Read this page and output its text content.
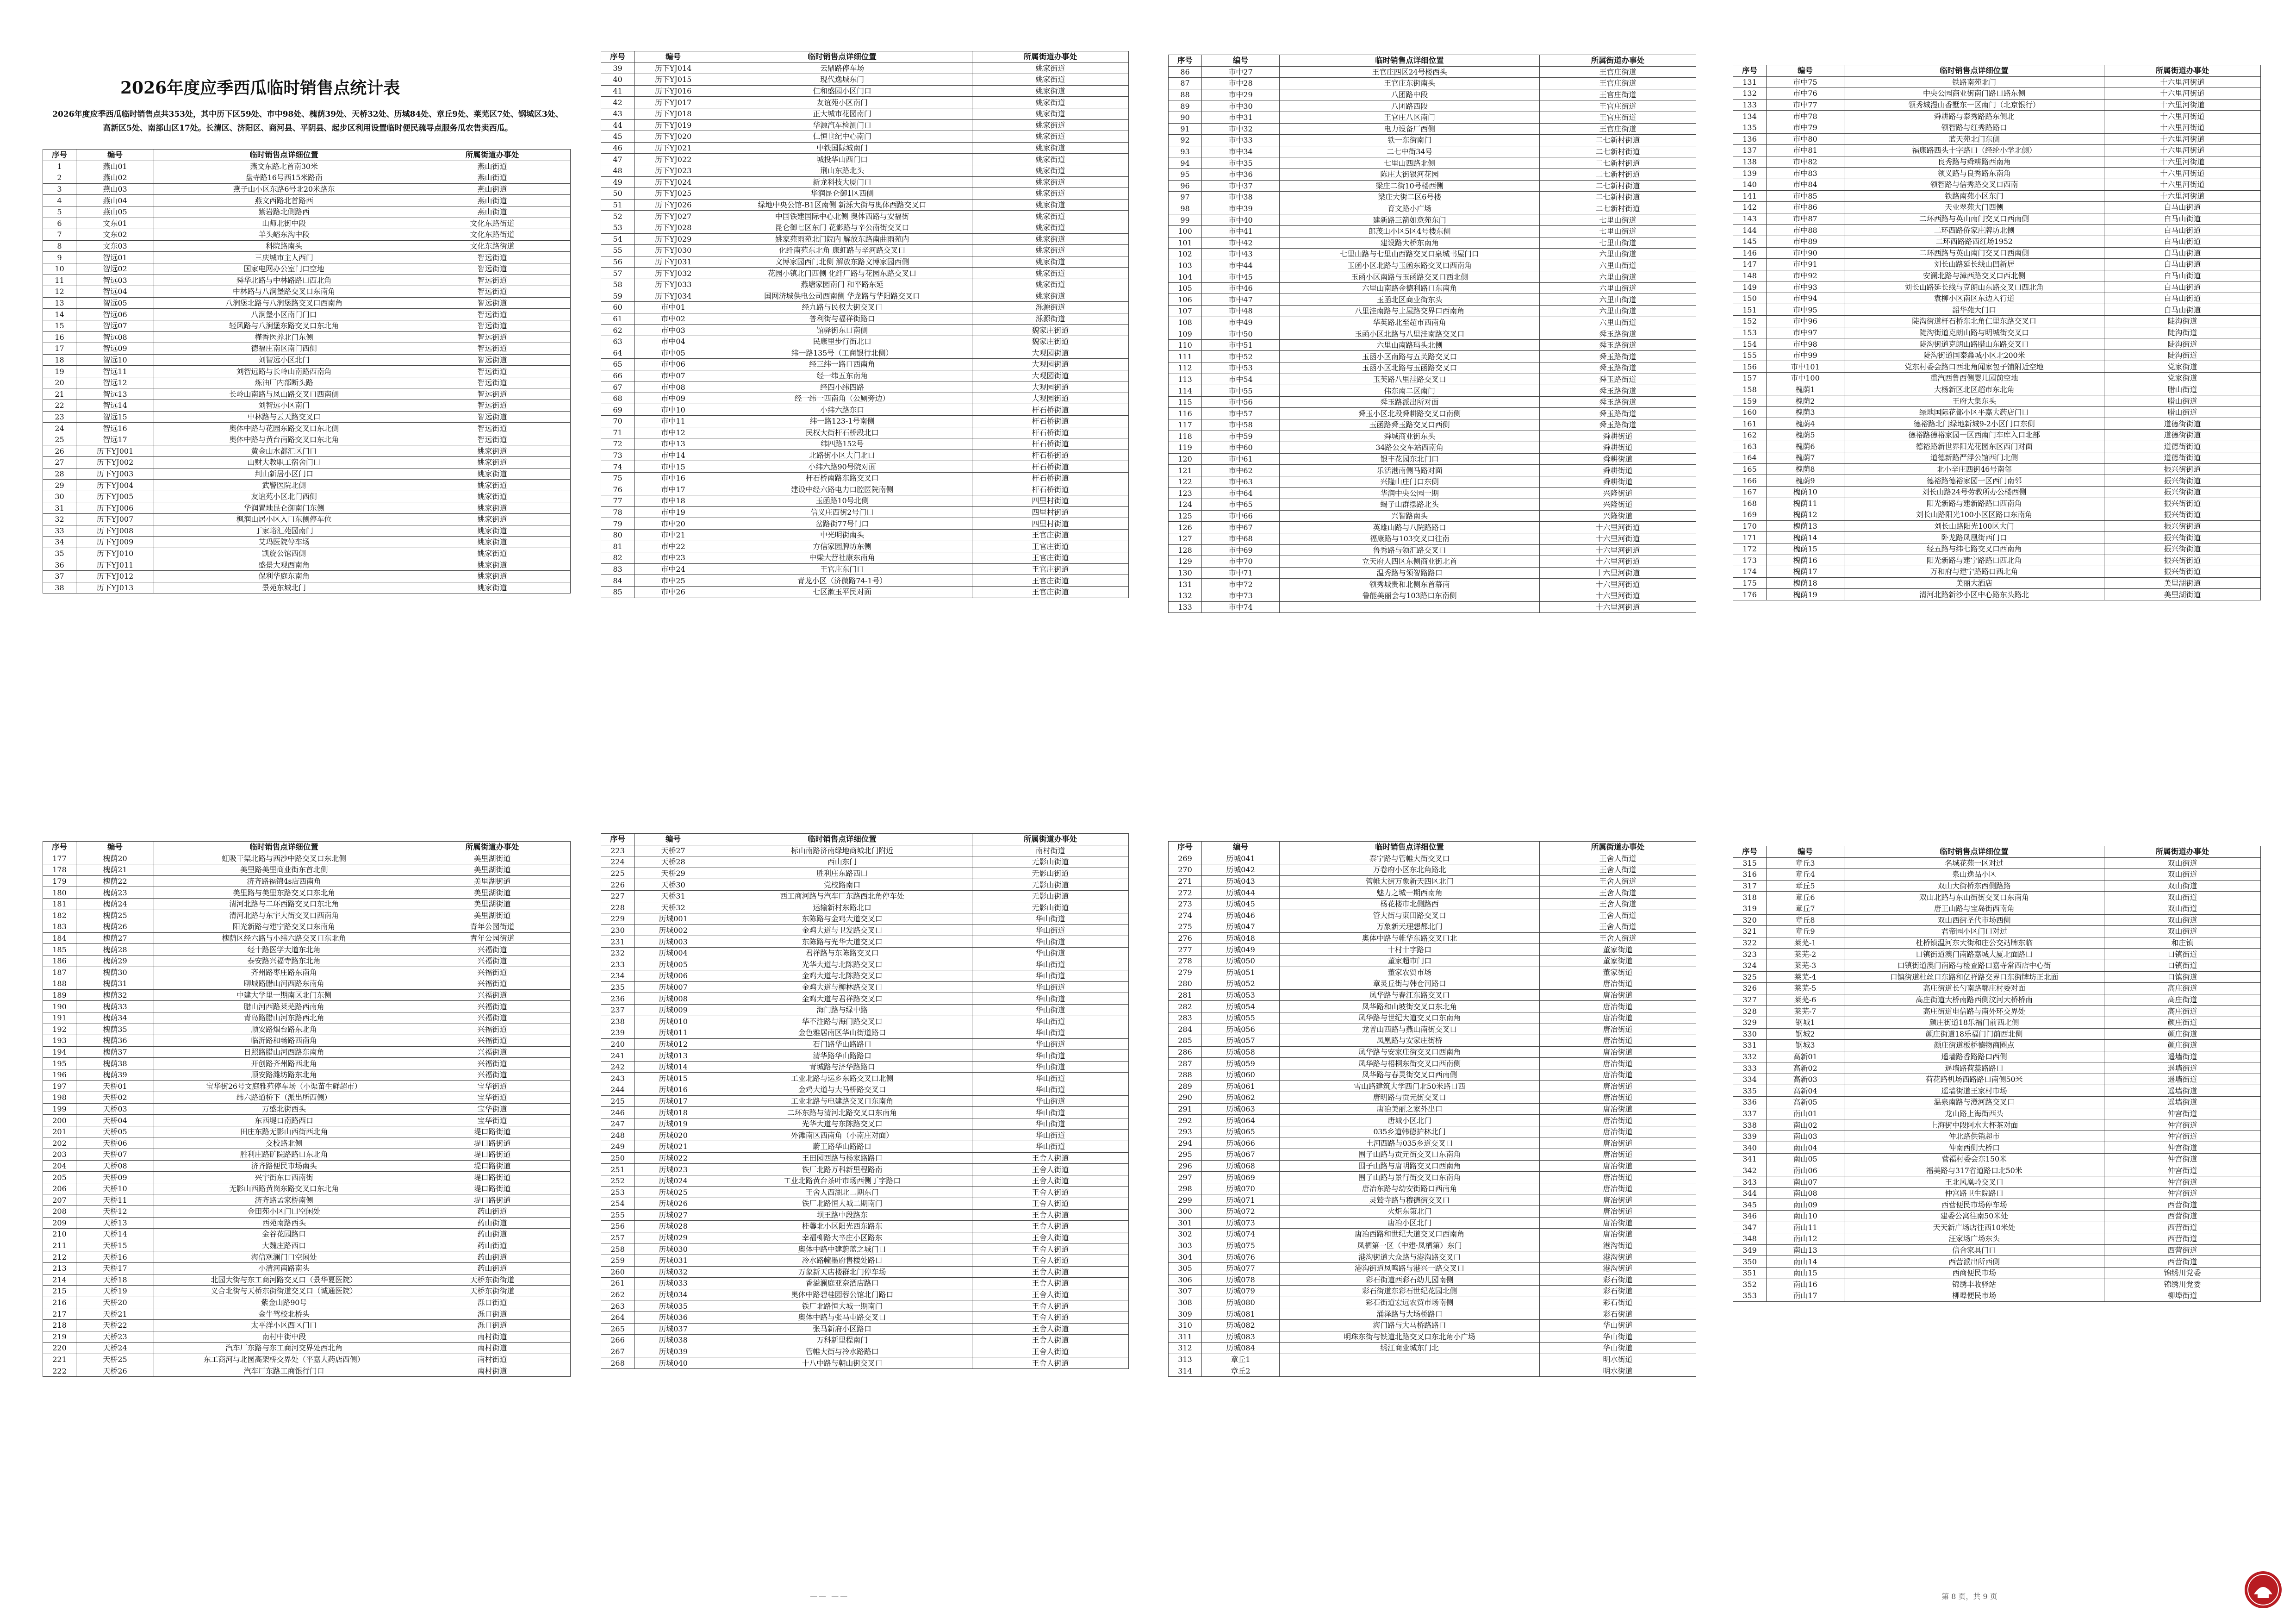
2026年度应季西瓜临时销售点统计表
2026年度应季西瓜临时销售点共353处，其中历下区59处、市中98处、槐荫39处、天桥32处、历城84处、章丘9处、莱芜区7处、钢城区3处、高新区5处、南部山区17处。长清区、济阳区、商河县、平阴县、起步区利用设置临时便民疏导点服务瓜农售卖西瓜。
序号	编号	临时销售点详细位置	所属街道办事处
1	燕山01	燕文东路北首南30米	燕山街道
2	燕山02	盘寺路16号西15米路南	燕山街道
3	燕山03	燕子山小区东路6号北20米路东	燕山街道
4	燕山04	燕文西路北首路西	燕山街道
5	燕山05	紫岩路北侧路西	燕山街道
6	文东01	山师北街中段	文化东路街道
7	文东02	羊头峪东沟中段	文化东路街道
8	文东03	科院路南头	文化东路街道
9	智远01	三庆城市主人西门	智远街道
10	智远02	国家电网办公室门口空地	智远街道
11	智远03	舜华北路与中林路路口西北角	智远街道
12	智远04	中林路与八涧堡路交叉口东南角	智远街道
13	智远05	八涧堡北路与八涧堡路交叉口西南角	智远街道
14	智远06	八涧堡小区南门门口	智远街道
15	智远07	轻风路与八涧堡东路交叉口东北角	智远街道
16	智远08	槿香医养北门东侧	智远街道
17	智远09	德福庄南区南门西侧	智远街道
18	智远10	刘智远小区北门	智远街道
19	智远11	刘智远路与长岭山南路西南角	智远街道
20	智远12	炼油厂内部断头路	智远街道
21	智远13	长岭山南路与凤山路交叉口西南侧	智远街道
22	智远14	刘智远小区南门	智远街道
23	智远15	中林路与云天路交叉口	智远街道
24	智远16	奥体中路与花园东路交叉口东北侧	智远街道
25	智远17	奥体中路与黄台南路交叉口东北角	智远街道
26	历下YJ001	黄金山水都汇区门口	姚家街道
27	历下YJ002	山财大教职工宿舍门口	姚家街道
28	历下YJ003	荆山新居小区门口	姚家街道
29	历下YJ004	武警医院北侧	姚家街道
30	历下YJ005	友谊苑小区北门西侧	姚家街道
31	历下YJ006	华润置地昆仑御南门东侧	姚家街道
32	历下YJ007	枫润山居小区入口东侧停车位	姚家街道
33	历下YJ008	丁家峪汇苑园南门	姚家街道
34	历下YJ009	艾玛医院停车场	姚家街道
35	历下YJ010	凯旋公馆西侧	姚家街道
36	历下YJ011	盛景大观西南角	姚家街道
37	历下YJ012	保利华庭东南角	姚家街道
38	历下YJ013	景苑东城北门	姚家街道
序号	编号	临时销售点详细位置	所属街道办事处
39	历下YJ014	云鼎路停车场	姚家街道
40	历下YJ015	现代逸城东门	姚家街道
41	历下YJ016	仁和盛园小区门口	姚家街道
42	历下YJ017	友谊苑小区南门	姚家街道
43	历下YJ018	正大城市花园南门	姚家街道
44	历下YJ019	华源汽车检测门口	姚家街道
45	历下YJ020	仁恒世纪中心南门	姚家街道
46	历下YJ021	中铁国际城南门	姚家街道
47	历下YJ022	城投华山西门口	姚家街道
48	历下YJ023	荆山东路北头	姚家街道
49	历下YJ024	新龙科技大厦门口	姚家街道
50	历下YJ025	华润昆仑御1区西侧	姚家街道
51	历下YJ026	绿地中央公馆-B1区南侧 新泺大街与奥体西路交叉口	姚家街道
52	历下YJ027	中国铁建国际中心北侧 奥体西路与安福街	姚家街道
53	历下YJ028	昆仑御七区东门 花影路与辛公南街交叉口	姚家街道
54	历下YJ029	姚家苑雨苑北门院内 解放东路南曲雨苑内	姚家街道
55	历下YJ030	化纤南苑东北角 康虹路与辛河路交叉口	姚家街道
56	历下YJ031	文博家园西门北侧 解放东路文博家园西侧	姚家街道
57	历下YJ032	花园小镇北门西侧 化纤厂路与花园东路交叉口	姚家街道
58	历下YJ033	燕塘家园南门 和平路东延	姚家街道
59	历下YJ034	国网济城供电公司西南侧 华龙路与华阳路交叉口	姚家街道
60	市中01	经九路与民权大街交叉口	泺源街道
61	市中02	普利街与福祥街路口	泺源街道
62	市中03	馆驿街东口南侧	魏家庄街道
63	市中04	民康里步行街北口	魏家庄街道
64	市中05	纬一路135号（工商银行北侧）	大观园街道
65	市中06	经三纬一路口西南角	大观园街道
66	市中07	经一纬五东南角	大观园街道
67	市中08	经四小纬四路	大观园街道
68	市中09	经一纬一西南角（公厕旁边）	大观园街道
69	市中10	小纬六路东口	杆石桥街道
70	市中11	纬一路123-1号南侧	杆石桥街道
71	市中12	民权大街杆石桥段北口	杆石桥街道
72	市中13	纬四路152号	杆石桥街道
73	市中14	北路街小区大门北口	杆石桥街道
74	市中15	小纬六路90号院对面	杆石桥街道
75	市中16	杆石桥南路东路交叉口	杆石桥街道
76	市中17	建设中经六路电力口腔医院南侧	杆石桥街道
77	市中18	玉函路10号北侧	四里村街道
78	市中19	信义庄西街2号门口	四里村街道
79	市中20	岔路街77号门口	四里村街道
80	市中21	中光明街南头	王官庄街道
81	市中22	方信家园脾坊东侧	王官庄街道
82	市中23	中梁大营社康东南角	王官庄街道
83	市中24	王官庄东门口	王官庄街道
84	市中25	青龙小区（济微路74-1号）	王官庄街道
85	市中26	七区漱玉平民对面	王官庄街道
序号	编号	临时销售点详细位置	所属街道办事处
86	市中27	王官庄四区24号楼西头	王官庄街道
87	市中28	王官庄东街南头	王官庄街道
88	市中29	八团路中段	王官庄街道
89	市中30	八团路西段	王官庄街道
90	市中31	王官庄八区南门	王官庄街道
91	市中32	电力设备厂西侧	王官庄街道
92	市中33	铁一东街南门	二七新村街道
93	市中34	二七中街34号	二七新村街道
94	市中35	七里山西路北侧	二七新村街道
95	市中36	陈庄大街银河花园	二七新村街道
96	市中37	梁庄二街10号楼西侧	二七新村街道
97	市中38	梁庄大街二区6号楼	二七新村街道
98	市中39	育文路小广场	二七新村街道
99	市中40	建新路三箭如意苑东门	七里山街道
100	市中41	郎茂山小区5区4号楼东侧	七里山街道
101	市中42	建设路大桥东南角	七里山街道
102	市中43	七里山路与七里山西路交叉口泉城书屋门口	六里山街道
103	市中44	玉函小区北路与玉函东路交叉口西南角	六里山街道
104	市中45	玉函小区南路与玉函路交叉口西北侧	六里山街道
105	市中46	六里山南路金德利路口东南角	六里山街道
106	市中47	玉函北区商业街东头	六里山街道
107	市中48	八里洼南路与土屋路交界口西南角	六里山街道
108	市中49	华英路北至超市西南角	六里山街道
109	市中50	玉函小区北路与八里洼南路交叉口	舜玉路街道
110	市中51	六里山南路玛头北侧	舜玉路街道
111	市中52	玉函小区南路与五芙路交叉口	舜玉路街道
112	市中53	玉函小区北路与玉函路交叉口	舜玉路街道
113	市中54	玉芙路八里洼路交叉口	舜玉路街道
114	市中55	伟东南二区南门	舜玉路街道
115	市中56	舜玉路派出所对面	舜玉路街道
116	市中57	舜玉小区北段舜耕路交叉口南侧	舜玉路街道
117	市中58	玉函路舜玉路交叉口西侧	舜玉路街道
118	市中59	舜城商业街东头	舜耕街道
119	市中60	34路公交车站西南角	舜耕街道
120	市中61	银丰花园东北门口	舜耕街道
121	市中62	乐活港南侧马路对面	舜耕街道
122	市中63	兴隆山庄门口东侧	舜耕街道
123	市中64	华润中央公园一期	兴隆街道
124	市中65	蝎子山群摆路北头	兴隆街道
125	市中66	兴智路南头	兴隆街道
126	市中67	英雄山路与八院路路口	十六里河街道
127	市中68	福康路与103交叉口往南	十六里河街道
128	市中69	鲁秀路与领汇路交叉口	十六里河街道
129	市中70	立天府人四区东侧商业街北首	十六里河街道
130	市中71	温秀路与领智路路口	十六里河街道
131	市中72	领秀城贵和北侧东首幕南	十六里河街道
132	市中73	鲁能美丽会与103路口东南侧	十六里河街道
133	市中74		十六里河街道
序号	编号	临时销售点详细位置	所属街道办事处
131	市中75	铁路南苑北门	十六里河街道
132	市中76	中央公园商业街南门路口路东侧	十六里河街道
133	市中77	领秀城漫山香墅东一区南门（北京银行）	十六里河街道
134	市中78	舜耕路与泰秀路路东侧北	十六里河街道
135	市中79	领智路与红秀路路口	十六里河街道
136	市中80	蓝天苑北门东侧	十六里河街道
137	市中81	福康路西头十字路口（经纶小学北侧）	十六里河街道
138	市中82	良秀路与舜耕路西南角	十六里河街道
139	市中83	领义路与良秀路东南角	十六里河街道
140	市中84	领智路与信秀路交叉口西南	十六里河街道
141	市中85	铁路南苑小区东门	十六里河街道
142	市中86	天业翠苑大门西侧	白马山街道
143	市中87	二环西路与英山南门交叉口西南侧	白马山街道
144	市中88	二环西路侨家庄牌坊北侧	白马山街道
145	市中89	二环西路路西红场1952	白马山街道
146	市中90	二环西路与英山南门交叉口西南侧	白马山街道
147	市中91	刘长山路延长线山凹新居	白马山街道
148	市中92	安澜北路与漳西路交叉口西北侧	白马山街道
149	市中93	刘长山路延长线与克朗山东路交叉口西北角	白马山街道
150	市中94	袁柳小区南区东边入行道	白马山街道
151	市中95	韶华苑大门口	白马山街道
152	市中96	陡沟街道杆石桥东北角仁里东路交叉口	陡沟街道
153	市中97	陡沟街道克朗山路与明城街交叉口	陡沟街道
154	市中98	陡沟街道克朗山路腊山东路交叉口	陡沟街道
155	市中99	陡沟街道国泰鑫城小区北200米	陡沟街道
156	市中101	党东村委会路口西北角闻家包子铺附近空地	党家街道
157	市中100	重汽西鲁西侧婴儿园前空地	党家街道
158	槐荫1	大杨新区北区超市东北角	腊山街道
159	槐荫2	王府大集东头	腊山街道
160	槐荫3	绿地国际花都小区平嘉大药店门口	腊山街道
161	槐荫4	德裕路北门绿地新城9-2小区门口东侧	道德街街道
162	槐荫5	德裕路德裕家园一区西南门车库入口北部	道德街街道
163	槐荫6	德裕路新世界阳光花园东区西门对面	道德街街道
164	槐荫7	道德新路严浮公馆西门北侧	道德街街道
165	槐荫8	北小辛庄西街46号南邻	振兴街街道
166	槐荫9	德裕路德裕家园一区西门南邻	振兴街街道
167	槐荫10	刘长山路24号劳教所办公楼西侧	振兴街街道
168	槐荫11	阳光新路与建新路路口西南角	振兴街街道
169	槐荫12	刘长山路阳光100小区区路口东南角	振兴街街道
170	槐荫13	刘长山路阳光100区大门	振兴街街道
171	槐荫14	卧龙路凤凰街西门口	振兴街街道
172	槐荫15	经五路与纬七路交叉口西南角	振兴街街道
173	槐荫16	阳光新路与建宁路路口西北角	振兴街街道
174	槐荫17	万和府与建宁路路口西北角	振兴街街道
175	槐荫18	美丽大酒店	美里湖街道
176	槐荫19	清河北路新沙小区中心路东头路北	美里湖街道
序号	编号	临时销售点详细位置	所属街道办事处
177	槐荫20	虹吸干渠北路与西沙中路交叉口东北侧	美里湖街道
178	槐荫21	美里路美里商业街东首北侧	美里湖街道
179	槐荫22	济齐路福锦4s店西南角	美里湖街道
180	槐荫23	美里路与美里东路交叉口东北角	美里湖街道
181	槐荫24	清河北路与二环西路交叉口东北角	美里湖街道
182	槐荫25	清河北路与东宇大街交叉口西南角	美里湖街道
183	槐荫26	阳光新路与建宁路交叉口东南角	青年公园街道
184	槐荫27	槐荫区经六路与小纬六路交叉口东北角	青年公园街道
185	槐荫28	经十路医学大道东北角	兴福街道
186	槐荫29	泰安路兴福寺路东北角	兴福街道
187	槐荫30	齐州路枣庄路东南角	兴福街道
188	槐荫31	聊城路腊山河西路东南角	兴福街道
189	槐荫32	中建大学里一期南区北门东侧	兴福街道
190	槐荫33	腊山河西路莱芜路西南角	兴福街道
191	槐荫34	青岛路腊山河东路西北角	兴福街道
192	槐荫35	顺安路烟台路东北角	兴福街道
193	槐荫36	临沂路和畅路西南角	兴福街道
194	槐荫37	日照路腊山河西路东南角	兴福街道
195	槐荫38	开创路齐州路西北角	兴福街道
196	槐荫39	顺安路潍坊路东北角	兴福街道
197	天桥01	宝华街26号文庭雅苑停车场（小渠苗生鲜超市）	宝华街道
198	天桥02	纬六路道桥下（派出所西侧）	宝华街道
199	天桥03	万盛北街西头	宝华街道
200	天桥04	东西堤口南路西口	宝华街道
201	天桥05	田庄东路无影山西街西北角	堤口路街道
202	天桥06	交校路北侧	堤口路街道
203	天桥07	胜利庄路矿院路路口东北角	堤口路街道
204	天桥08	济齐路便民市场南头	堤口路街道
205	天桥09	兴宇街东口西南街	堤口路街道
206	天桥10	无影山西路黄岗东路交叉口东北角	堤口路街道
207	天桥11	济齐路孟家桥南侧	堤口路街道
208	天桥12	金田苑小区门口空闲处	药山街道
209	天桥13	西苑南路西头	药山街道
210	天桥14	金谷花园路口	药山街道
211	天桥15	大魏庄路西口	药山街道
212	天桥16	海信观澜门口空闲处	药山街道
213	天桥17	小清河南路南头	药山街道
214	天桥18	北园大街与东工商河路交叉口（景华夏医院）	天桥东街街道
215	天桥19	义合北街与天桥东街街道交叉口（诚通医院）	天桥东街街道
216	天桥20	紫金山路90号	泺口街道
217	天桥21	金牛驾校北桥头	泺口街道
218	天桥22	太平洋小区西区门口	泺口街道
219	天桥23	南村中街中段	南村街道
220	天桥24	汽车厂东路与东工商河交界处西北角	南村街道
221	天桥25	东工商河与北园高架桥交界处（平嘉大药店西侧）	南村街道
222	天桥26	汽车厂东路工商银行门口	南村街道
序号	编号	临时销售点详细位置	所属街道办事处
223	天桥27	标山南路济南绿地商城北门附近	南村街道
224	天桥28	西山东门	无影山街道
225	天桥29	胜利庄东路西口	无影山街道
226	天桥30	党校路南口	无影山街道
227	天桥31	西工商河路与汽车厂东路西北角停车处	无影山街道
228	天桥32	运输新村东路北口	无影山街道
229	历城001	东陈路与金鸡大道交叉口	华山街道
230	历城002	金鸡大道与卫发路交叉口	华山街道
231	历城003	东陈路与光华大道交叉口	华山街道
232	历城004	君祥路与东陈路交叉口	华山街道
233	历城005	光华大道与北陈路交叉口	华山街道
234	历城006	金鸡大道与北陈路交叉口	华山街道
235	历城007	金鸡大道与柳林路交叉口	华山街道
236	历城008	金鸡大道与君祥路交叉口	华山街道
237	历城009	海门路与绿中路	华山街道
238	历城010	华不注路与海门路交叉口	华山街道
239	历城011	金色雅居南区华山街道路口	华山街道
240	历城012	石门路华山路路口	华山街道
241	历城013	清华路华山路路口	华山街道
242	历城014	青城路与济华路路口	华山街道
243	历城015	工业北路与运乡东路交叉口北侧	华山街道
244	历城016	金鸡大道与大马桥路交叉口	华山街道
245	历城017	工业北路与电建路交叉口东南角	华山街道
246	历城018	二环东路与清河北路交叉口东南角	华山街道
247	历城019	光华大道与东陈路交叉口	华山街道
248	历城020	外滩南区西南角（小南庄对面）	华山街道
249	历城021	蔚王路华山路路口	华山街道
250	历城022	王田园西路与杨家路路口	王舍人街道
251	历城023	铁厂北路万科新里程路南	王舍人街道
252	历城024	工业北路黄台茶叶市场西侧丁字路口	王舍人街道
253	历城025	王舍人西湖北二期东门	王舍人街道
254	历城026	铁厂北路恒大城二期南门	王舍人街道
255	历城027	坝王路中段路东	王舍人街道
256	历城028	桂馨北小区阳光西东路东	王舍人街道
257	历城029	幸福柳路大辛庄小区路东	王舍人街道
258	历城030	奥体中路中建蔚蓝之城门口	王舍人街道
259	历城031	冷水路幢墨府售楼处路口	王舍人街道
260	历城032	万象新天店楼群北门停车场	王舍人街道
261	历城033	香溢澜庭亚奈酒店路口	王舍人街道
262	历城034	奥体中路碧桂园蓉公馆北门路口	王舍人街道
263	历城035	铁厂北路恒大城一期南门	王舍人街道
264	历城036	奥体中路与张马屯路交叉口	王舍人街道
265	历城037	张马新府小区路口	王舍人街道
266	历城038	万科新里程南门	王舍人街道
267	历城039	管帷大街与冷水路路口	王舍人街道
268	历城040	十八中路与朝山街交叉口	王舍人街道
序号	编号	临时销售点详细位置	所属街道办事处
269	历城041	泰宁路与管帷大街交叉口	王舍人街道
270	历城042	万卷府小区东北角路北	王舍人街道
271	历城043	管帷大街万象新天四区北门	王舍人街道
272	历城044	魅力之城一期西南角	王舍人街道
273	历城045	杨花楼市北侧路西	王舍人街道
274	历城046	管大街与東田路交叉口	王舍人街道
275	历城047	万象新天理想都北门	王舍人街道
276	历城048	奥体中路与帷华东路交叉口北	王舍人街道
277	历城049	十村十字路口	董家街道
278	历城050	董家超市门口	董家街道
279	历城051	董家农贸市场	董家街道
280	历城052	章灵丘街与韩仓河路口	唐冶街道
281	历城053	凤华路与春江东路交叉口	唐冶街道
282	历城054	凤华路和山坡街交叉口东北角	唐冶街道
283	历城055	凤华路与世纪大道交叉口东南角	唐冶街道
284	历城056	龙普山西路与燕山南街交叉口	唐冶街道
285	历城057	凤凰路与安家庄街桥	唐冶街道
286	历城058	凤华路与安家庄街交叉口西南角	唐冶街道
287	历城059	凤华路与梧桐东街交叉口西南侧	唐冶街道
288	历城060	凤华路与春灵街交叉口西南侧	唐冶街道
289	历城061	雪山路建筑大学西门北50米路口西	唐冶街道
290	历城062	唐明路与贡元街交叉口	唐冶街道
291	历城063	唐冶美丽之家外出口	唐冶街道
292	历城064	唐城小区北门	唐冶街道
293	历城065	035乡道韩德护林北门	唐冶街道
294	历城066	土河西路与035乡道交叉口	唐冶街道
295	历城067	围子山路与贡元街交叉口东南角	唐冶街道
296	历城068	围子山路与唐明路交叉口西南角	唐冶街道
297	历城069	围子山路与景行街交叉口东南角	唐冶街道
298	历城070	唐冶东路与幼安街路口西南角	唐冶街道
299	历城071	灵鹫寺路与穆德街交叉口	唐冶街道
300	历城072	火炬东第北门	唐冶街道
301	历城073	唐冶小区北门	唐冶街道
302	历城074	唐冶西路和世纪大道交叉口西南角	唐冶街道
303	历城075	凤栖第一区（中建·凤栖第）东门	港沟街道
304	历城076	港沟街道大众路与港沟路交叉口	港沟街道
305	历城077	港沟街道凤鸣路与港兴一路交叉口	港沟街道
306	历城078	彩石街道西彩石幼儿园南侧	彩石街道
307	历城079	彩石街道东彩石世纪花园北侧	彩石街道
308	历城080	彩石街道宏远农贸市场南侧	彩石街道
309	历城081	涌泽路与大场桥路口	彩石街道
310	历城082	海门路与大马桥路路口	华山街道
311	历城083	明珠东街与铁道北路交叉口东北角小广场	华山街道
312	历城084	绣江商业城东门北	华山街道
313	章丘1		明水街道
314	章丘2		明水街道
序号	编号	临时销售点详细位置	所属街道办事处
315	章丘3	名城花苑一区对过	双山街道
316	章丘4	泉山逸品小区	双山街道
317	章丘5	双山大街桥东西侧路路	双山街道
318	章丘6	双山北路与东山街街交叉口东南角	双山街道
319	章丘7	唐王山路与宝岛街西南角	双山街道
320	章丘8	双山西街圣代市场西侧	双山街道
321	章丘9	君帝园小区门口对过	双山街道
322	莱芜-1	杜桥镇温河东大街和庄公交站牌东临	和庄镇
323	莱芜-2	口镇街道澳门南路嘉城大厦北面路口	口镇街道
324	莱芜-3	口镇街道澳门南路与检查路口嘉寺常西店中心街	口镇街道
325	莱芜-4	口镇街道杜丝口东路和亿祥路交界口东街牌坊正北面	口镇街道
326	莱芜-5	高庄街道长勺南路鄂庄村委对面	高庄街道
327	莱芜-6	高庄街道大桥南路西侧汶河大桥桥南	高庄街道
328	莱芜-7	高庄街道电信路与南外环交界处	高庄街道
329	钢城1	颜庄街道18乐福门前西北侧	颜庄街道
330	钢城2	颜庄街道18乐福门门前西北侧	颜庄街道
331	钢城3	颜庄街道板桥德物商圈点	颜庄街道
332	高新01	遥墙路香路路口西侧	遥墙街道
333	高新02	遥墙路荷蕊路路口	遥墙街道
334	高新03	荷花路机场西路路口南侧50米	遥墙街道
335	高新04	遥墙街道王家村市场	遥墙街道
336	高新05	温泉南路与澄河路交叉口	遥墙街道
337	南山01	龙山路上海街西头	仲宫街道
338	南山02	上海街中段阿水大杯茶对面	仲宫街道
339	南山03	仲北路供销超市	仲宫街道
340	南山04	仲南西侧大桥口	仲宫街道
341	南山05	营福村委会东150米	仲宫街道
342	南山06	福美路与317省道路口北50米	仲宫街道
343	南山07	王北风凰岭交叉口	仲宫街道
344	南山08	仲宫路卫生院路口	仲宫街道
345	南山09	西营便民市场停车场	西营街道
346	南山10	建委公寓往南50米处	西营街道
347	南山11	天天新广场店往西10米处	西营街道
348	南山12	汪家场广场东头	西营街道
349	南山13	信合家具门口	西营街道
350	南山14	西营派出所西侧	西营街道
351	南山15	西商便民市场	锦绣川党委
352	南山16	锦绣丰收驿站	锦绣川党委
353	南山17	柳埠便民市场	柳埠街道
—— ——	第 8 页，共 9 页
